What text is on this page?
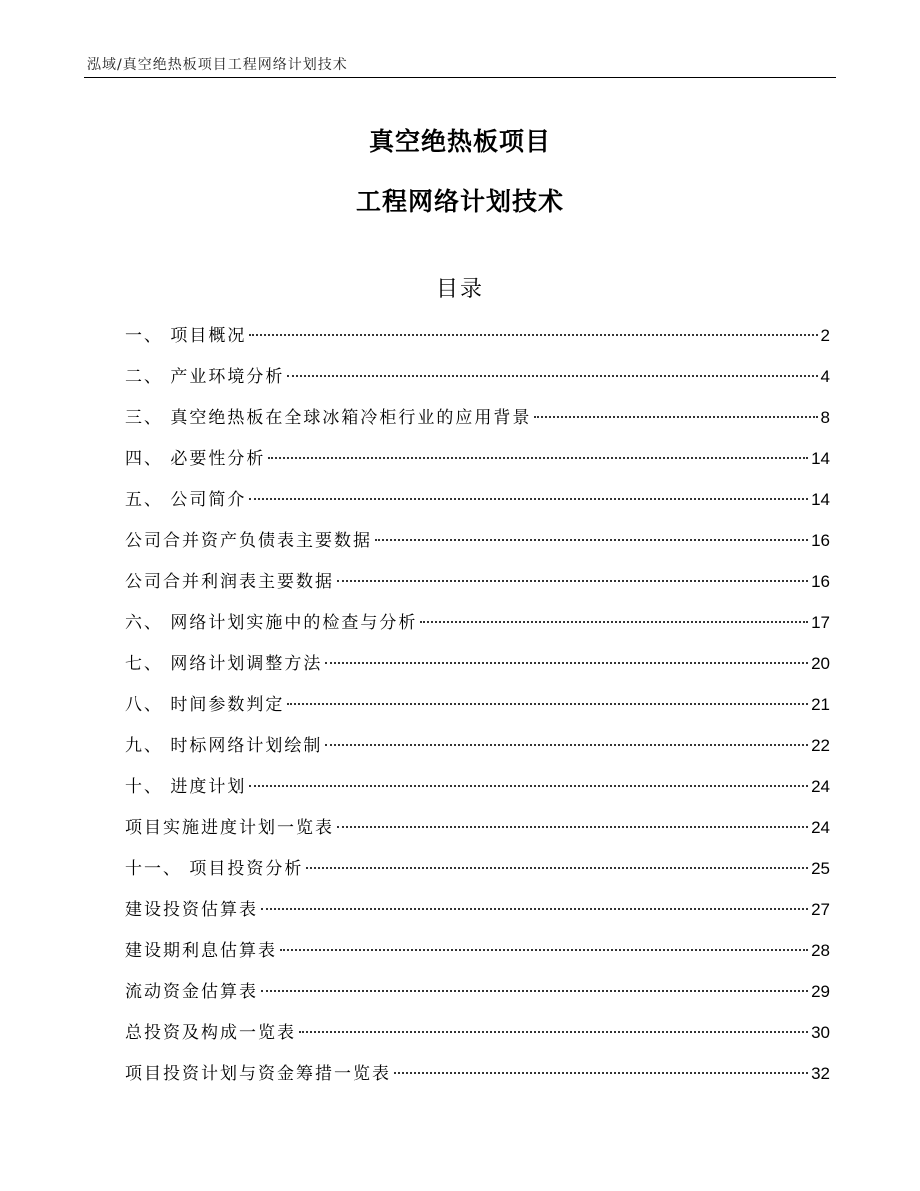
泓域/真空绝热板项目工程网络计划技术
真空绝热板项目
工程网络计划技术
目录
一、 项目概况	2
二、 产业环境分析	4
三、 真空绝热板在全球冰箱冷柜行业的应用背景	8
四、 必要性分析	14
五、 公司简介	14
公司合并资产负债表主要数据	16
公司合并利润表主要数据	16
六、 网络计划实施中的检查与分析	17
七、 网络计划调整方法	20
八、 时间参数判定	21
九、 时标网络计划绘制	22
十、 进度计划	24
项目实施进度计划一览表	24
十一、 项目投资分析	25
建设投资估算表	27
建设期利息估算表	28
流动资金估算表	29
总投资及构成一览表	30
项目投资计划与资金筹措一览表	32
